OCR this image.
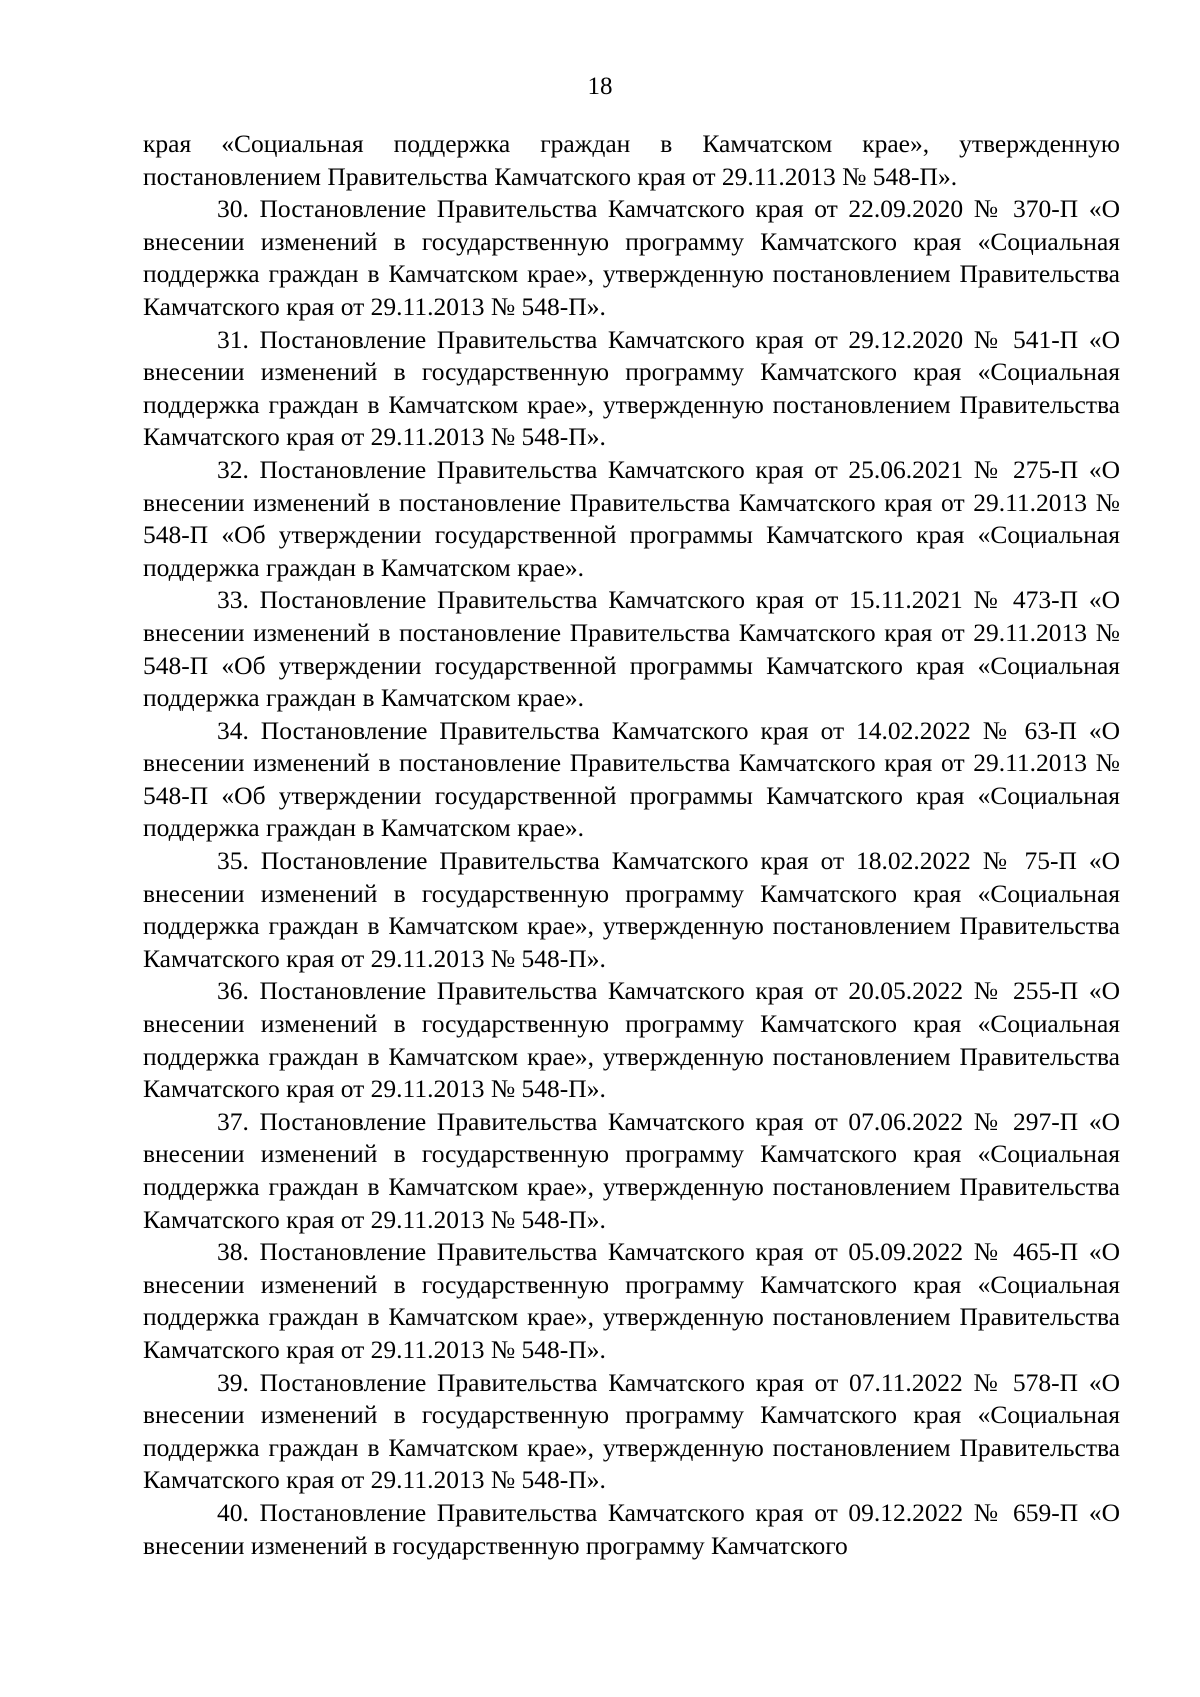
18

края «Социальная поддержка граждан в Камчатском крае», утвержденную постановлением Правительства Камчатского края от 29.11.2013 № 548-П».

30. Постановление Правительства Камчатского края от 22.09.2020 № 370-П «О внесении изменений в государственную программу Камчатского края «Социальная поддержка граждан в Камчатском крае», утвержденную постановлением Правительства Камчатского края от 29.11.2013 № 548-П».

31. Постановление Правительства Камчатского края от 29.12.2020 № 541-П «О внесении изменений в государственную программу Камчатского края «Социальная поддержка граждан в Камчатском крае», утвержденную постановлением Правительства Камчатского края от 29.11.2013 № 548-П».

32. Постановление Правительства Камчатского края от 25.06.2021 № 275-П «О внесении изменений в постановление Правительства Камчатского края от 29.11.2013 № 548-П «Об утверждении государственной программы Камчатского края «Социальная поддержка граждан в Камчатском крае».

33. Постановление Правительства Камчатского края от 15.11.2021 № 473-П «О внесении изменений в постановление Правительства Камчатского края от 29.11.2013 № 548-П «Об утверждении государственной программы Камчатского края «Социальная поддержка граждан в Камчатском крае».

34. Постановление Правительства Камчатского края от 14.02.2022 № 63-П «О внесении изменений в постановление Правительства Камчатского края от 29.11.2013 № 548-П «Об утверждении государственной программы Камчатского края «Социальная поддержка граждан в Камчатском крае».

35. Постановление Правительства Камчатского края от 18.02.2022 № 75-П «О внесении изменений в государственную программу Камчатского края «Социальная поддержка граждан в Камчатском крае», утвержденную постановлением Правительства Камчатского края от 29.11.2013 № 548-П».

36. Постановление Правительства Камчатского края от 20.05.2022 № 255-П «О внесении изменений в государственную программу Камчатского края «Социальная поддержка граждан в Камчатском крае», утвержденную постановлением Правительства Камчатского края от 29.11.2013 № 548-П».

37. Постановление Правительства Камчатского края от 07.06.2022 № 297-П «О внесении изменений в государственную программу Камчатского края «Социальная поддержка граждан в Камчатском крае», утвержденную постановлением Правительства Камчатского края от 29.11.2013 № 548-П».

38. Постановление Правительства Камчатского края от 05.09.2022 № 465-П «О внесении изменений в государственную программу Камчатского края «Социальная поддержка граждан в Камчатском крае», утвержденную постановлением Правительства Камчатского края от 29.11.2013 № 548-П».

39. Постановление Правительства Камчатского края от 07.11.2022 № 578-П «О внесении изменений в государственную программу Камчатского края «Социальная поддержка граждан в Камчатском крае», утвержденную постановлением Правительства Камчатского края от 29.11.2013 № 548-П».

40. Постановление Правительства Камчатского края от 09.12.2022 № 659-П «О внесении изменений в государственную программу Камчатского
